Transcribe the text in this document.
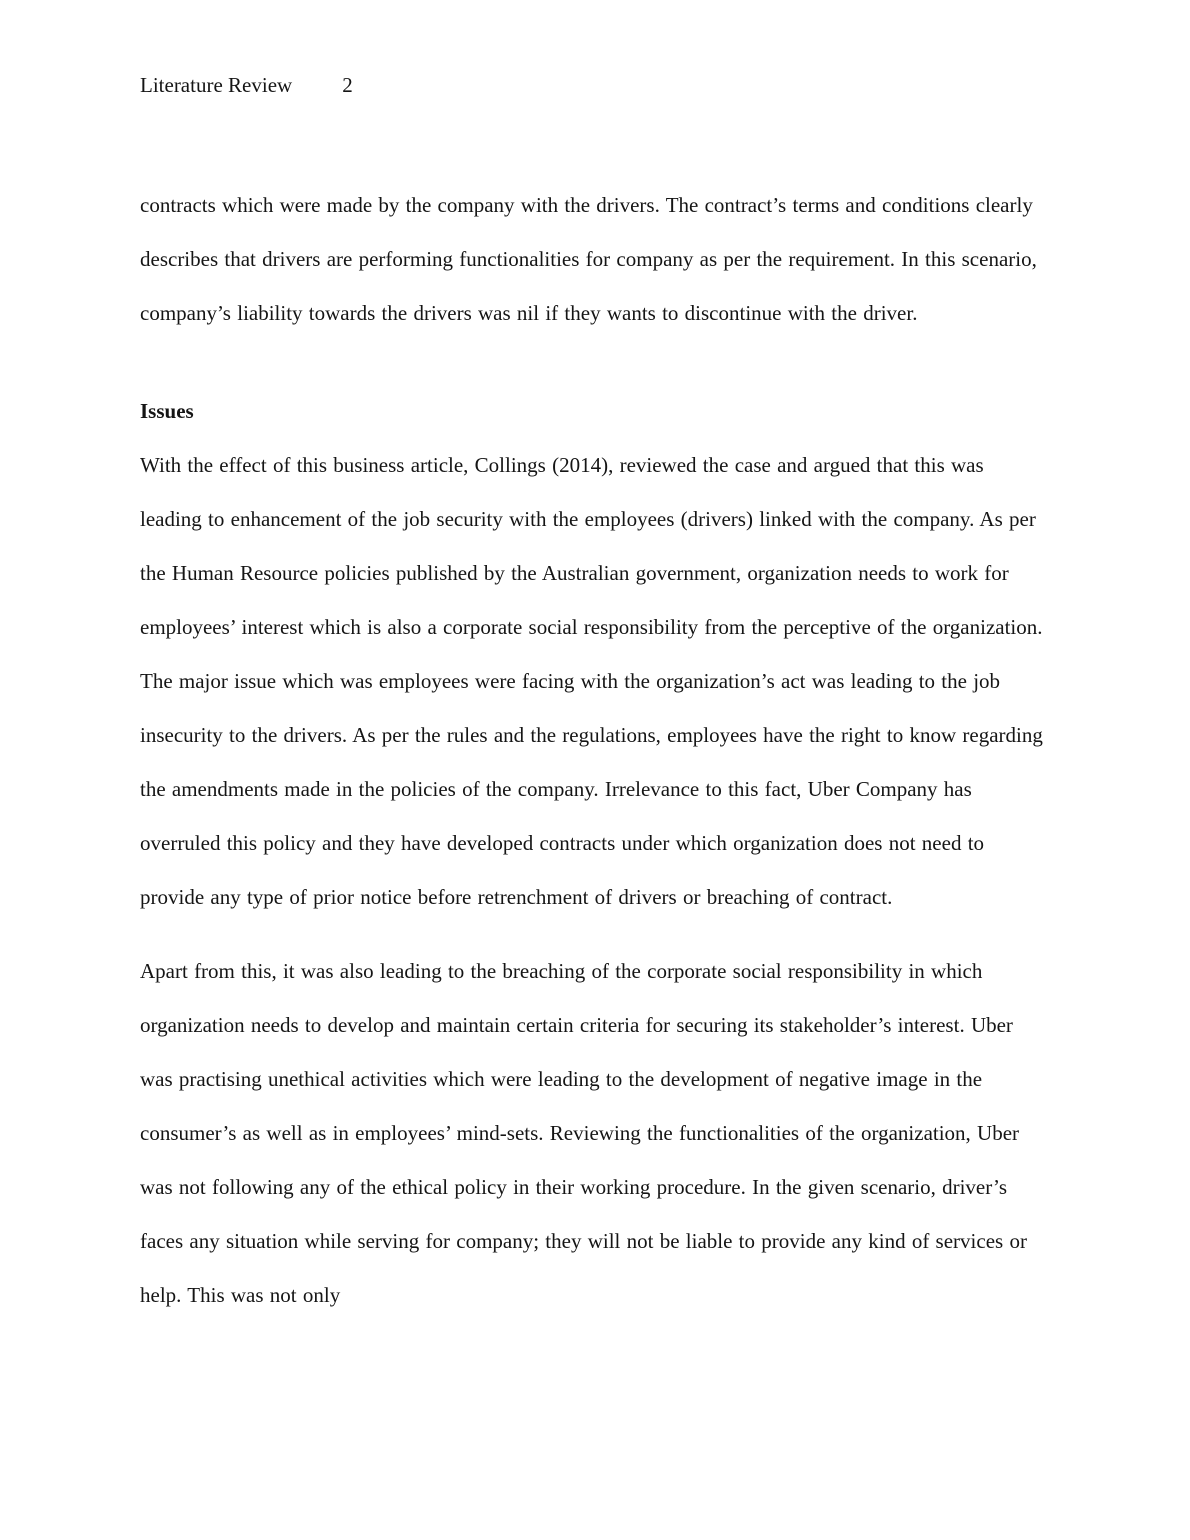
Literature Review 2

contracts which were made by the company with the drivers. The contract’s terms and conditions clearly describes that drivers are performing functionalities for company as per the requirement. In this scenario, company’s liability towards the drivers was nil if they wants to discontinue with the driver.

Issues

With the effect of this business article, Collings (2014), reviewed the case and argued that this was leading to enhancement of the job security with the employees (drivers) linked with the company. As per the Human Resource policies published by the Australian government, organization needs to work for employees’ interest which is also a corporate social responsibility from the perceptive of the organization. The major issue which was employees were facing with the organization’s act was leading to the job insecurity to the drivers. As per the rules and the regulations, employees have the right to know regarding the amendments made in the policies of the company. Irrelevance to this fact, Uber Company has overruled this policy and they have developed contracts under which organization does not need to provide any type of prior notice before retrenchment of drivers or breaching of contract.

Apart from this, it was also leading to the breaching of the corporate social responsibility in which organization needs to develop and maintain certain criteria for securing its stakeholder’s interest. Uber was practising unethical activities which were leading to the development of negative image in the consumer’s as well as in employees’ mind-sets. Reviewing the functionalities of the organization, Uber was not following any of the ethical policy in their working procedure. In the given scenario, driver’s faces any situation while serving for company; they will not be liable to provide any kind of services or help. This was not only
